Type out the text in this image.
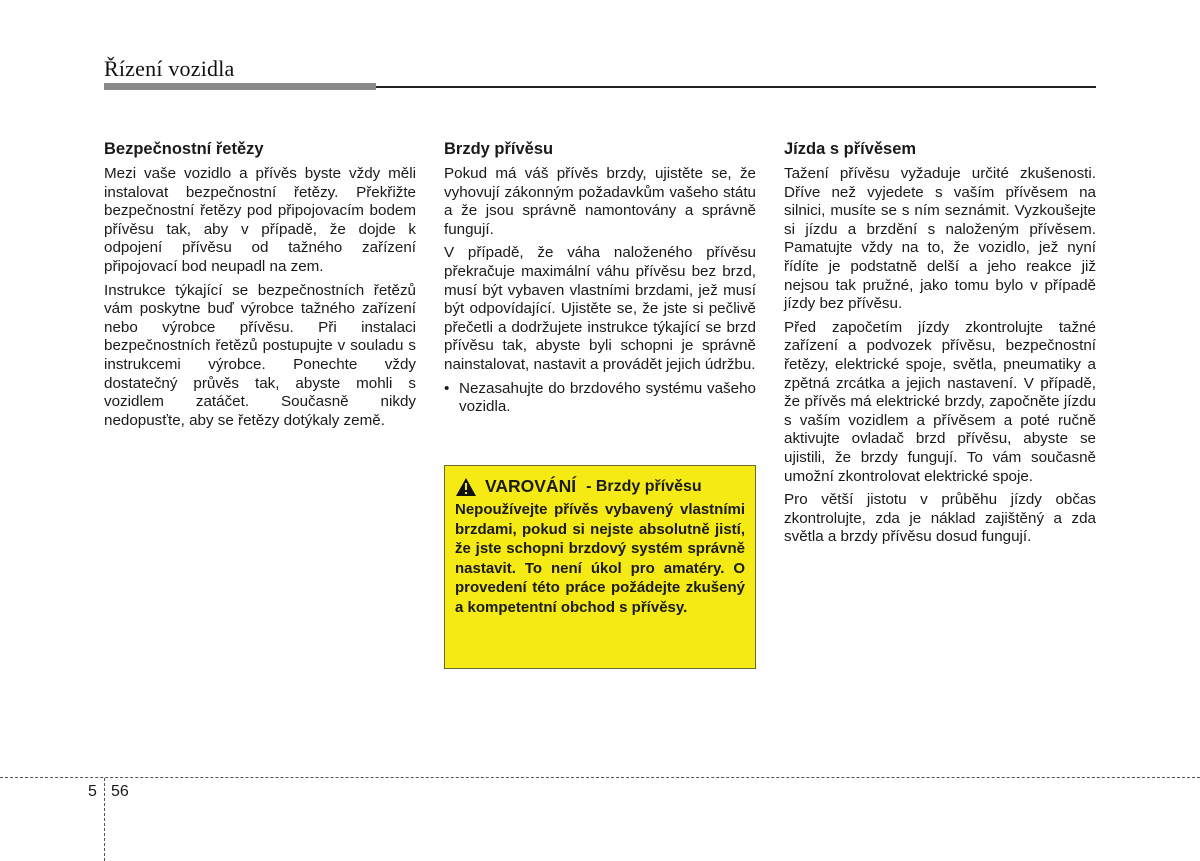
Řízení vozidla
Bezpečnostní řetězy

Mezi vaše vozidlo a přívěs byste vždy měli instalovat bezpečnostní řetězy. Překřižte bezpečnostní řetězy pod připojovacím bodem přívěsu tak, aby v případě, že dojde k odpojení přívěsu od tažného zařízení připojovací bod neupadl na zem.

Instrukce týkající se bezpečnostních řetězů vám poskytne buď výrobce tažného zařízení nebo výrobce přívěsu. Při instalaci bezpečnostních řetězů postupujte v souladu s instrukcemi výrobce. Ponechte vždy dostatečný průvěs tak, abyste mohli s vozidlem zatáčet. Současně nikdy nedopusťte, aby se řetězy dotýkaly země.

Brzdy přívěsu

Pokud má váš přívěs brzdy, ujistěte se, že vyhovují zákonným požadavkům vašeho státu a že jsou správně namontovány a správně fungují.

V případě, že váha naloženého přívěsu překračuje maximální váhu přívěsu bez brzd, musí být vybaven vlastními brzdami, jež musí být odpovídající. Ujistěte se, že jste si pečlivě přečetli a dodržujete instrukce týkající se brzd přívěsu tak, abyste byli schopni je správně nainstalovat, nastavit a provádět jejich údržbu.

• Nezasahujte do brzdového systému vašeho vozidla.
VAROVÁNÍ - Brzdy přívěsu
Nepoužívejte přívěs vybavený vlastními brzdami, pokud si nejste absolutně jistí, že jste schopni brzdový systém správně nastavit. To není úkol pro amatéry. O provedení této práce požádejte zkušený a kompetentní obchod s přívěsy.
Jízda s přívěsem

Tažení přívěsu vyžaduje určité zkušenosti. Dříve než vyjedete s vaším přívěsem na silnici, musíte se s ním seznámit. Vyzkoušejte si jízdu a brzdění s naloženým přívěsem. Pamatujte vždy na to, že vozidlo, jež nyní řídíte je podstatně delší a jeho reakce již nejsou tak pružné, jako tomu bylo v případě jízdy bez přívěsu.

Před započetím jízdy zkontrolujte tažné zařízení a podvozek přívěsu, bezpečnostní řetězy, elektrické spoje, světla, pneumatiky a zpětná zrcátka a jejich nastavení. V případě, že přívěs má elektrické brzdy, započněte jízdu s vaším vozidlem a přívěsem a poté ručně aktivujte ovladač brzd přívěsu, abyste se ujistili, že brzdy fungují. To vám současně umožní zkontrolovat elektrické spoje.

Pro větší jistotu v průběhu jízdy občas zkontrolujte, zda je náklad zajištěný a zda světla a brzdy přívěsu dosud fungují.

5 56
